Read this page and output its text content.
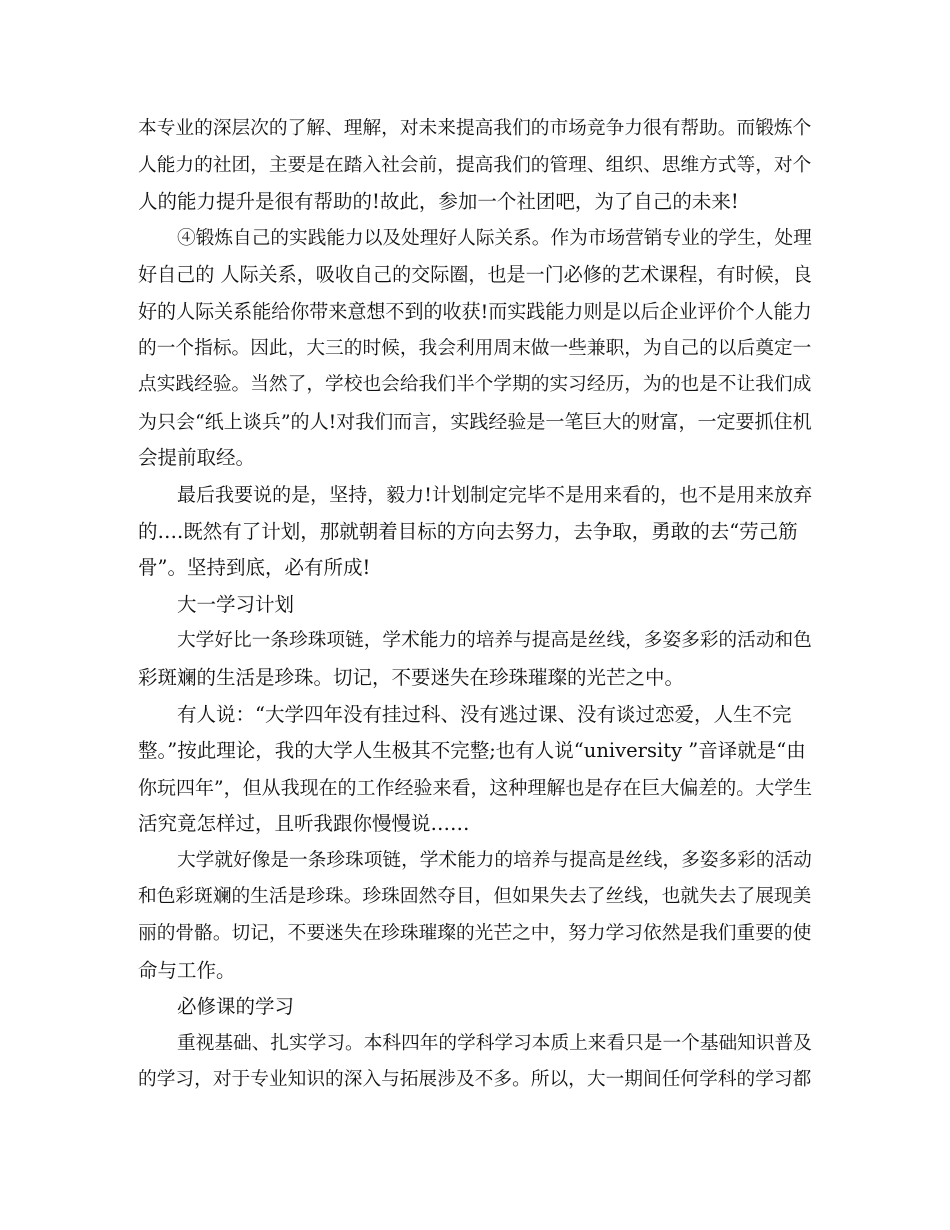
本专业的深层次的了解、理解，对未来提高我们的市场竞争力很有帮助。而锻炼个
人能力的社团，主要是在踏入社会前，提高我们的管理、组织、思维方式等，对个
人的能力提升是很有帮助的!故此，参加一个社团吧，为了自己的未来!
④锻炼自己的实践能力以及处理好人际关系。作为市场营销专业的学生，处理
好自己的 人际关系，吸收自己的交际圈，也是一门必修的艺术课程，有时候，良
好的人际关系能给你带来意想不到的收获!而实践能力则是以后企业评价个人能力
的一个指标。因此，大三的时候，我会利用周末做一些兼职，为自己的以后奠定一
点实践经验。当然了，学校也会给我们半个学期的实习经历，为的也是不让我们成
为只会“纸上谈兵”的人!对我们而言，实践经验是一笔巨大的财富，一定要抓住机
会提前取经。
最后我要说的是，坚持，毅力!计划制定完毕不是用来看的，也不是用来放弃
的….既然有了计划，那就朝着目标的方向去努力，去争取，勇敢的去“劳己筋
骨”。坚持到底，必有所成!
大一学习计划
大学好比一条珍珠项链，学术能力的培养与提高是丝线，多姿多彩的活动和色
彩斑斓的生活是珍珠。切记，不要迷失在珍珠璀璨的光芒之中。
有人说：“大学四年没有挂过科、没有逃过课、没有谈过恋爱，人生不完
整。”按此理论，我的大学人生极其不完整;也有人说“university ”音译就是“由
你玩四年”，但从我现在的工作经验来看，这种理解也是存在巨大偏差的。大学生
活究竟怎样过，且听我跟你慢慢说……
大学就好像是一条珍珠项链，学术能力的培养与提高是丝线，多姿多彩的活动
和色彩斑斓的生活是珍珠。珍珠固然夺目，但如果失去了丝线，也就失去了展现美
丽的骨骼。切记，不要迷失在珍珠璀璨的光芒之中，努力学习依然是我们重要的使
命与工作。
必修课的学习
重视基础、扎实学习。本科四年的学科学习本质上来看只是一个基础知识普及
的学习，对于专业知识的深入与拓展涉及不多。所以，大一期间任何学科的学习都
